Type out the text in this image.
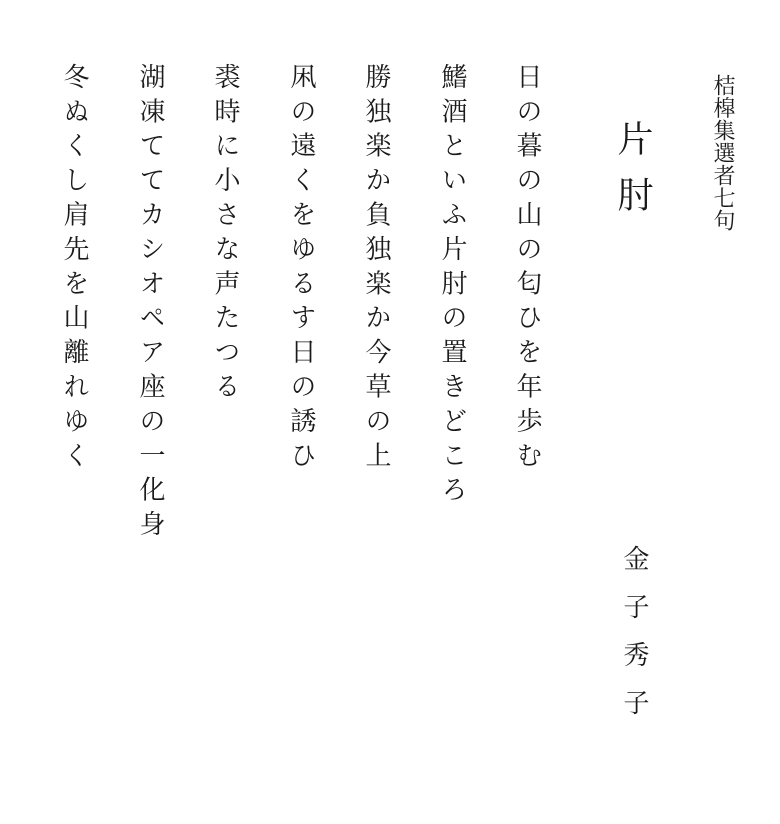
桔槹集選者七句
片肘
金子秀子
日の暮の山の匂ひを年歩む
鰭酒といふ片肘の置きどころ
勝独楽か負独楽か今草の上
凩の遠くをゆるす日の誘ひ
裘時に小さな声たつる
湖凍ててカシオペア座の一化身
冬ぬくし肩先を山離れゆく
